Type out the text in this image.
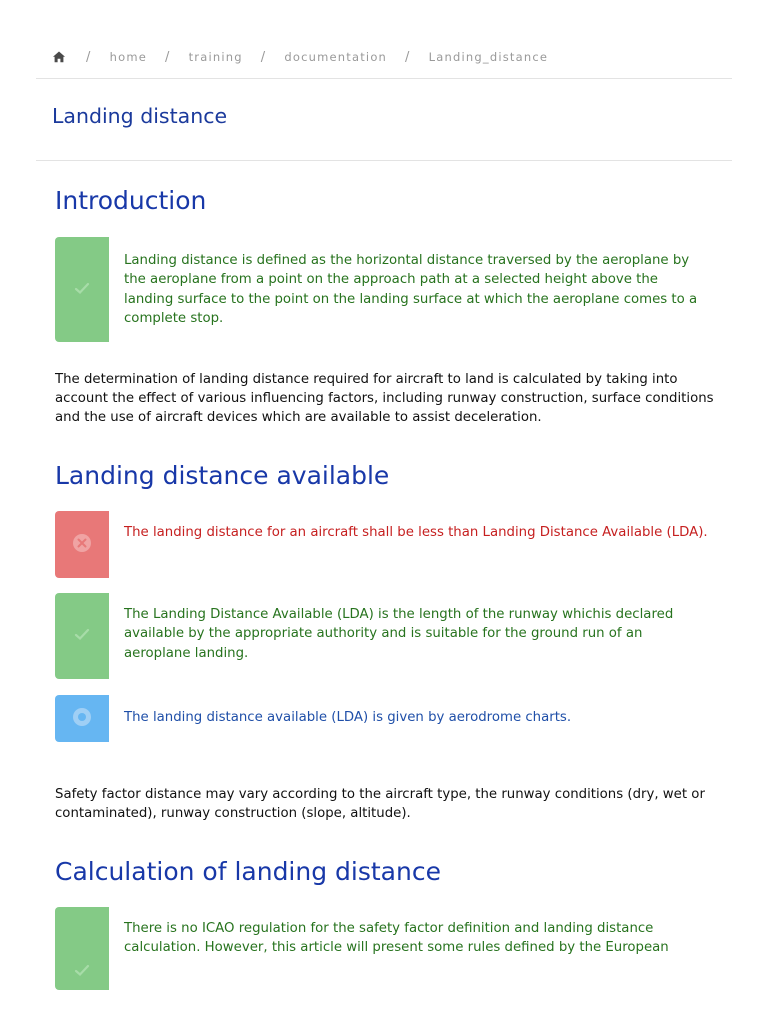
/ home / training / documentation / Landing_distance
Landing distance
Introduction
Landing distance is defined as the horizontal distance traversed by the aeroplane by the aeroplane from a point on the approach path at a selected height above the landing surface to the point on the landing surface at which the aeroplane comes to a complete stop.

The determination of landing distance required for aircraft to land is calculated by taking into account the effect of various influencing factors, including runway construction, surface conditions and the use of aircraft devices which are available to assist deceleration.

Landing distance available
The landing distance for an aircraft shall be less than Landing Distance Available (LDA).
The Landing Distance Available (LDA) is the length of the runway whichis declared available by the appropriate authority and is suitable for the ground run of an aeroplane landing.
The landing distance available (LDA) is given by aerodrome charts.

Safety factor distance may vary according to the aircraft type, the runway conditions (dry, wet or contaminated), runway construction (slope, altitude).

Calculation of landing distance
There is no ICAO regulation for the safety factor definition and landing distance calculation. However, this article will present some rules defined by the European
